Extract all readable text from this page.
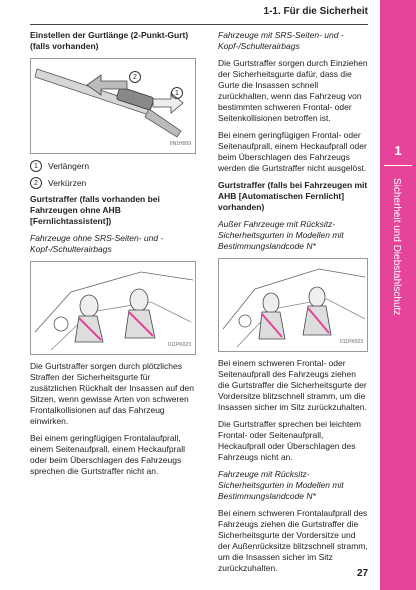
1-1. Für die Sicherheit
1
Sicherheit und Diebstahlschutz
Einstellen der Gurtlänge (2-Punkt-Gurt) (falls vorhanden)
2
1
IIN1H009
1	Verlängern
2	Verkürzen
Gurtstraffer (falls vorhanden bei Fahrzeugen ohne AHB [Fernlichtassistent])
Fahrzeuge ohne SRS-Seiten- und -Kopf-/Schulterairbags
II11PK023
Die Gurtstraffer sorgen durch plötzliches Straffen der Sicherheitsgurte für zusätzlichen Rückhalt der Insassen auf den Sitzen, wenn gewisse Arten von schweren Frontalkollisionen auf das Fahrzeug einwirken.
Bei einem geringfügigen Frontalaufprall, einem Seitenaufprall, einem Heckaufprall oder beim Überschlagen des Fahrzeugs sprechen die Gurtstraffer nicht an.
Fahrzeuge mit SRS-Seiten- und -Kopf-/Schulterairbags
Die Gurtstraffer sorgen durch Einziehen der Sicherheitsgurte dafür, dass die Gurte die Insassen schnell zurückhalten, wenn das Fahrzeug von bestimmten schweren Frontal- oder Seitenkollisionen betroffen ist.
Bei einem geringfügigen Frontal- oder Seitenaufprall, einem Heckaufprall oder beim Überschlagen des Fahrzeugs werden die Gurtstraffer nicht ausgelöst.
Gurtstraffer (falls bei Fahrzeugen mit AHB [Automatischen Fernlicht] vorhanden)
Außer Fahrzeuge mit Rücksitz-Sicherheitsgurten in Modellen mit Bestimmungslandcode N*
II11PK023
Bei einem schweren Frontal- oder Seitenaufprall des Fahrzeugs ziehen die Gurtstraffer die Sicherheitsgurte der Vordersitze blitzschnell stramm, um die Insassen sicher im Sitz zurückzuhalten.
Die Gurtstraffer sprechen bei leichtem Frontal- oder Seitenaufprall, Heckaufprall oder Überschlagen des Fahrzeugs nicht an.
Fahrzeuge mit Rücksitz-Sicherheitsgurten in Modellen mit Bestimmungslandcode N*
Bei einem schweren Frontalaufprall des Fahrzeugs ziehen die Gurtstraffer die Sicherheitsgurte der Vordersitze und der Außenrücksitze blitzschnell stramm, um die Insassen sicher im Sitz zurückzuhalten.	27
